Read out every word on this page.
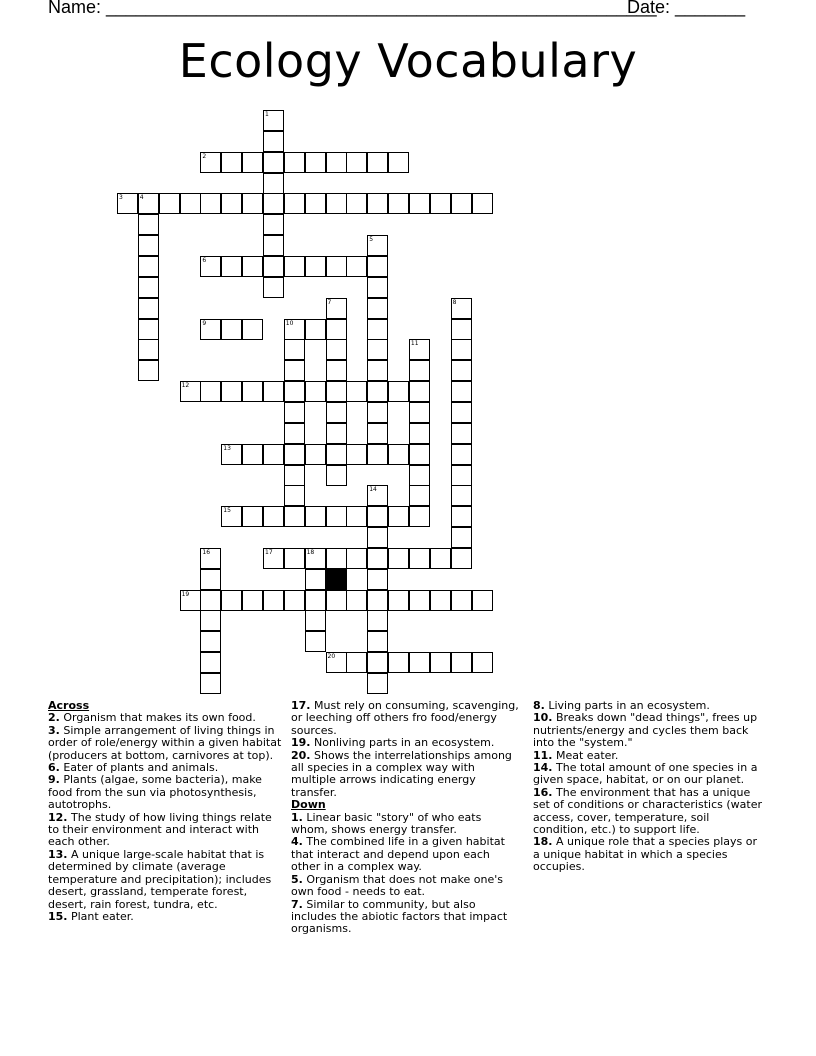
Name: _______________________________________________________
Date: _______
Ecology Vocabulary
1
2
3	4
5
6
7	8
9	10
11
12
13
14
15
16	17	18
19
20
Across

2. Organism that makes its own food.

3. Simple arrangement of living things in order of role/energy within a given habitat (producers at bottom, carnivores at top).

6. Eater of plants and animals.

9. Plants (algae, some bacteria), make food from the sun via photosynthesis, autotrophs.

12. The study of how living things relate to their environment and interact with each other.

13. A unique large-scale habitat that is determined by climate (average temperature and precipitation); includes desert, grassland, temperate forest, desert, rain forest, tundra, etc.

15. Plant eater.

17. Must rely on consuming, scavenging, or leeching off others fro food/energy sources.

19. Nonliving parts in an ecosystem.

20. Shows the interrelationships among all species in a complex way with multiple arrows indicating energy transfer.

Down

1. Linear basic "story" of who eats whom, shows energy transfer.

4. The combined life in a given habitat that interact and depend upon each other in a complex way.

5. Organism that does not make one's own food - needs to eat.

7. Similar to community, but also includes the abiotic factors that impact organisms.

8. Living parts in an ecosystem.

10. Breaks down "dead things", frees up nutrients/energy and cycles them back into the "system."

11. Meat eater.

14. The total amount of one species in a given space, habitat, or on our planet.

16. The environment that has a unique set of conditions or characteristics (water access, cover, temperature, soil condition, etc.) to support life.

18. A unique role that a species plays or a unique habitat in which a species occupies.
